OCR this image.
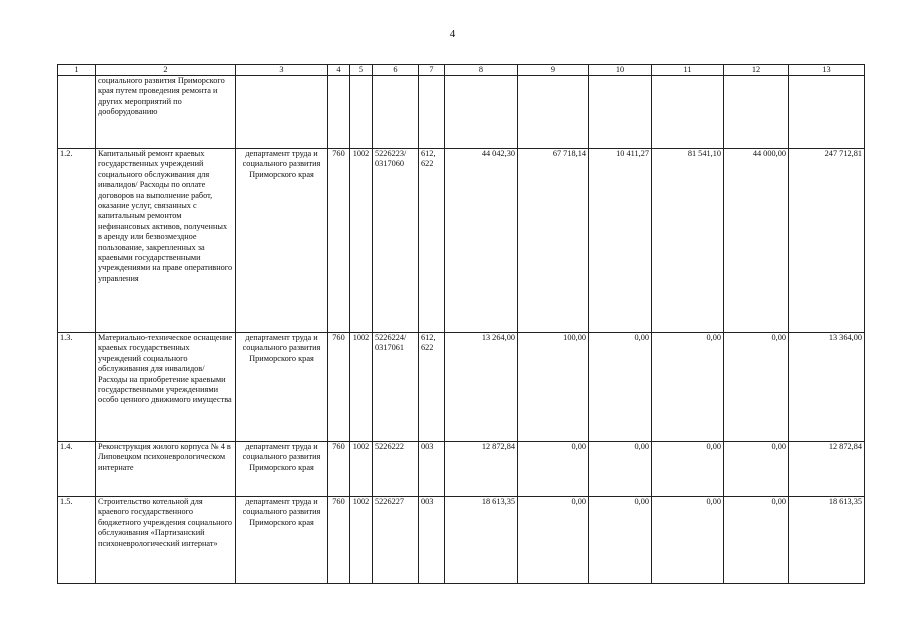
4
1	2	3	4	5	6	7	8	9	10	11	12	13
	социального развития Приморского края путем проведения ремонта и других мероприятий по дооборудованию											
1.2.	Капитальный ремонт краевых государственных учреждений социального обслуживания для инвалидов/ Расходы по оплате договоров на выполнение работ, оказание услуг, связанных с капитальным ремонтом нефинансовых активов, полученных в аренду или безвозмездное пользование, закрепленных за краевыми государственными учреждениями на праве оперативного управления	департамент труда и социального развития Приморского края	760	1002	5226223/ 0317060	612, 622	44 042,30	67 718,14	10 411,27	81 541,10	44 000,00	247 712,81
1.3.	Материально-техническое оснащение краевых государственных учреждений социального обслуживания для инвалидов/ Расходы на приобретение краевыми государственными учреждениями особо ценного движимого имущества	департамент труда и социального развития Приморского края	760	1002	5226224/ 0317061	612, 622	13 264,00	100,00	0,00	0,00	0,00	13 364,00
1.4.	Реконструкция жилого корпуса № 4 в Липовецком психоневрологическом интернате	департамент труда и социального развития Приморского края	760	1002	5226222	003	12 872,84	0,00	0,00	0,00	0,00	12 872,84
1.5.	Строительство котельной для краевого государственного бюджетного учреждения социального обслуживания «Партизанский психоневрологический интернат»	департамент труда и социального развития Приморского края	760	1002	5226227	003	18 613,35	0,00	0,00	0,00	0,00	18 613,35
